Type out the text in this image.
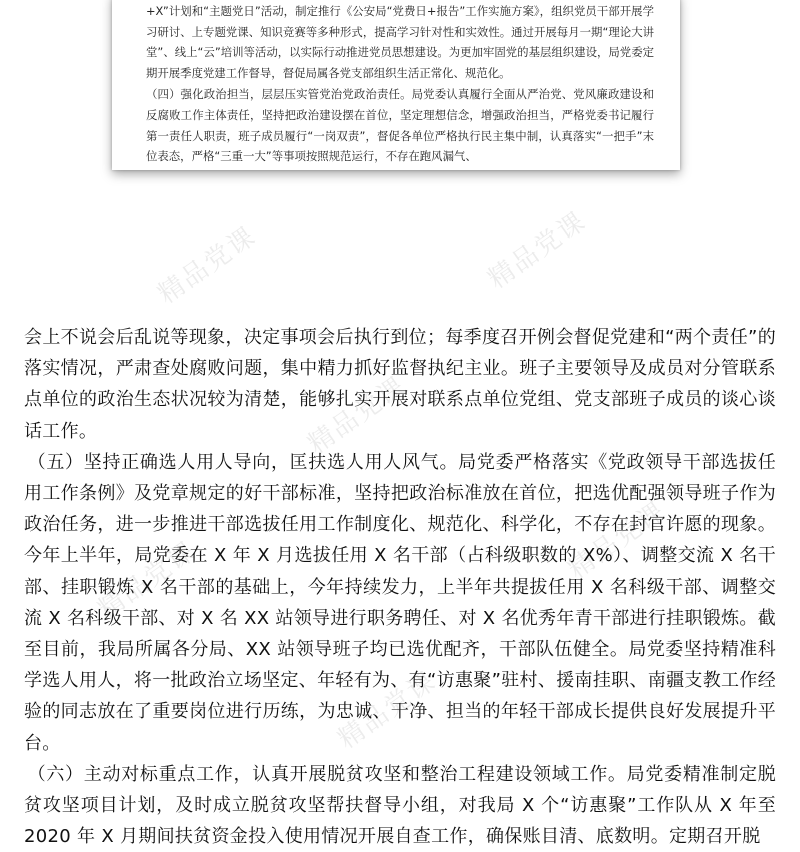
+X”计划和“主题党日”活动，制定推行《公安局“党费日+报告”工作实施方案》，组织党员干部开展学习研讨、上专题党课、知识竞赛等多种形式，提高学习针对性和实效性。通过开展每月一期“理论大讲堂”、线上“云”培训等活动，以实际行动推进党员思想建设。为更加牢固党的基层组织建设，局党委定期开展季度党建工作督导，督促局属各党支部组织生活正常化、规范化。

（四）强化政治担当，层层压实管党治党政治责任。局党委认真履行全面从严治党、党风廉政建设和反腐败工作主体责任，坚持把政治建设摆在首位，坚定理想信念，增强政治担当，严格党委书记履行第一责任人职责，班子成员履行“一岗双责”，督促各单位严格执行民主集中制，认真落实“一把手”末位表态，严格“三重一大”等事项按照规范运行，不存在跑风漏气、

精品党课	精品党课
精品党课
精品党课	精品党课
精品党课

会上不说会后乱说等现象，决定事项会后执行到位；每季度召开例会督促党建和“两个责任”的落实情况，严肃查处腐败问题，集中精力抓好监督执纪主业。班子主要领导及成员对分管联系点单位的政治生态状况较为清楚，能够扎实开展对联系点单位党组、党支部班子成员的谈心谈话工作。

（五）坚持正确选人用人导向，匡扶选人用人风气。局党委严格落实《党政领导干部选拔任用工作条例》及党章规定的好干部标准，坚持把政治标准放在首位，把选优配强领导班子作为政治任务，进一步推进干部选拔任用工作制度化、规范化、科学化，不存在封官许愿的现象。今年上半年，局党委在 X 年 X 月选拔任用 X 名干部（占科级职数的 X%）、调整交流 X 名干部、挂职锻炼 X 名干部的基础上，今年持续发力，上半年共提拔任用 X 名科级干部、调整交流 X 名科级干部、对 X 名 XX 站领导进行职务聘任、对 X 名优秀年青干部进行挂职锻炼。截至目前，我局所属各分局、XX 站领导班子均已选优配齐，干部队伍健全。局党委坚持精准科学选人用人，将一批政治立场坚定、年轻有为、有“访惠聚”驻村、援南挂职、南疆支教工作经验的同志放在了重要岗位进行历练，为忠诚、干净、担当的年轻干部成长提供良好发展提升平台。

（六）主动对标重点工作，认真开展脱贫攻坚和整治工程建设领域工作。局党委精准制定脱贫攻坚项目计划，及时成立脱贫攻坚帮扶督导小组，对我局 X 个“访惠聚”工作队从 X 年至 2020 年 X 月期间扶贫资金投入使用情况开展自查工作，确保账目清、底数明。定期召开脱
